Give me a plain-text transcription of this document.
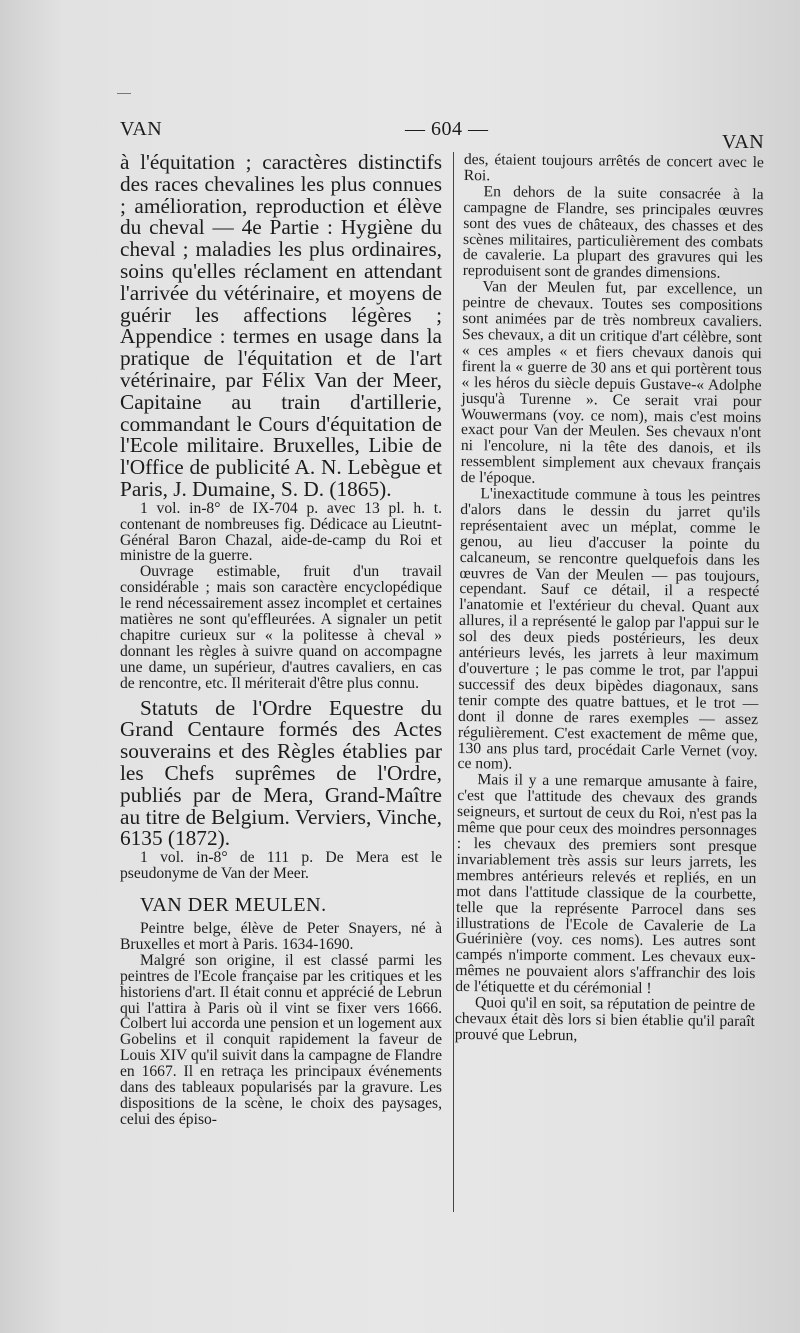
VAN	— 604 —
VAN

à l'équitation ; caractères distinctifs des races chevalines les plus connues ; amélioration, reproduction et élève du cheval — 4e Partie : Hygiène du cheval ; maladies les plus ordinaires, soins qu'elles réclament en attendant l'arrivée du vétérinaire, et moyens de guérir les affections légères ; Appendice : termes en usage dans la pratique de l'équitation et de l'art vétérinaire, par Félix Van der Meer, Capitaine au train d'artillerie, commandant le Cours d'équitation de l'Ecole militaire. Bruxelles, Libie de l'Office de publicité A. N. Lebègue et Paris, J. Dumaine, S. D. (1865).

1 vol. in-8° de IX-704 p. avec 13 pl. h. t. contenant de nombreuses fig. Dédicace au Lieutnt-Général Baron Chazal, aide-de-camp du Roi et ministre de la guerre.

Ouvrage estimable, fruit d'un travail considérable ; mais son caractère encyclopédique le rend nécessairement assez incomplet et certaines matières ne sont qu'effleurées. A signaler un petit chapitre curieux sur « la politesse à cheval » donnant les règles à suivre quand on accompagne une dame, un supérieur, d'autres cavaliers, en cas de rencontre, etc. Il mériterait d'être plus connu.

Statuts de l'Ordre Equestre du Grand Centaure formés des Actes souverains et des Règles établies par les Chefs suprêmes de l'Ordre, publiés par de Mera, Grand-Maître au titre de Belgium. Verviers, Vinche, 6135 (1872).

1 vol. in-8° de 111 p. De Mera est le pseudonyme de Van der Meer.

VAN DER MEULEN.

Peintre belge, élève de Peter Snayers, né à Bruxelles et mort à Paris. 1634-1690.

Malgré son origine, il est classé parmi les peintres de l'Ecole française par les critiques et les historiens d'art. Il était connu et apprécié de Lebrun qui l'attira à Paris où il vint se fixer vers 1666. Colbert lui accorda une pension et un logement aux Gobelins et il conquit rapidement la faveur de Louis XIV qu'il suivit dans la campagne de Flandre en 1667. Il en retraça les principaux événements dans des tableaux popularisés par la gravure. Les dispositions de la scène, le choix des paysages, celui des épiso-

des, étaient toujours arrêtés de concert avec le Roi.

En dehors de la suite consacrée à la campagne de Flandre, ses principales œuvres sont des vues de châteaux, des chasses et des scènes militaires, particulièrement des combats de cavalerie. La plupart des gravures qui les reproduisent sont de grandes dimensions.

Van der Meulen fut, par excellence, un peintre de chevaux. Toutes ses compositions sont animées par de très nombreux cavaliers. Ses chevaux, a dit un critique d'art célèbre, sont « ces amples « et fiers chevaux danois qui firent la « guerre de 30 ans et qui portèrent tous « les héros du siècle depuis Gustave-« Adolphe jusqu'à Turenne ». Ce serait vrai pour Wouwermans (voy. ce nom), mais c'est moins exact pour Van der Meulen. Ses chevaux n'ont ni l'encolure, ni la tête des danois, et ils ressemblent simplement aux chevaux français de l'époque.

L'inexactitude commune à tous les peintres d'alors dans le dessin du jarret qu'ils représentaient avec un méplat, comme le genou, au lieu d'accuser la pointe du calcaneum, se rencontre quelquefois dans les œuvres de Van der Meulen — pas toujours, cependant. Sauf ce détail, il a respecté l'anatomie et l'extérieur du cheval. Quant aux allures, il a représenté le galop par l'appui sur le sol des deux pieds postérieurs, les deux antérieurs levés, les jarrets à leur maximum d'ouverture ; le pas comme le trot, par l'appui successif des deux bipèdes diagonaux, sans tenir compte des quatre battues, et le trot — dont il donne de rares exemples — assez régulièrement. C'est exactement de même que, 130 ans plus tard, procédait Carle Vernet (voy. ce nom).

Mais il y a une remarque amusante à faire, c'est que l'attitude des chevaux des grands seigneurs, et surtout de ceux du Roi, n'est pas la même que pour ceux des moindres personnages : les chevaux des premiers sont presque invariablement très assis sur leurs jarrets, les membres antérieurs relevés et repliés, en un mot dans l'attitude classique de la courbette, telle que la représente Parrocel dans ses illustrations de l'Ecole de Cavalerie de La Guérinière (voy. ces noms). Les autres sont campés n'importe comment. Les chevaux eux-mêmes ne pouvaient alors s'affranchir des lois de l'étiquette et du cérémonial !

Quoi qu'il en soit, sa réputation de peintre de chevaux était dès lors si bien établie qu'il paraît prouvé que Lebrun,
